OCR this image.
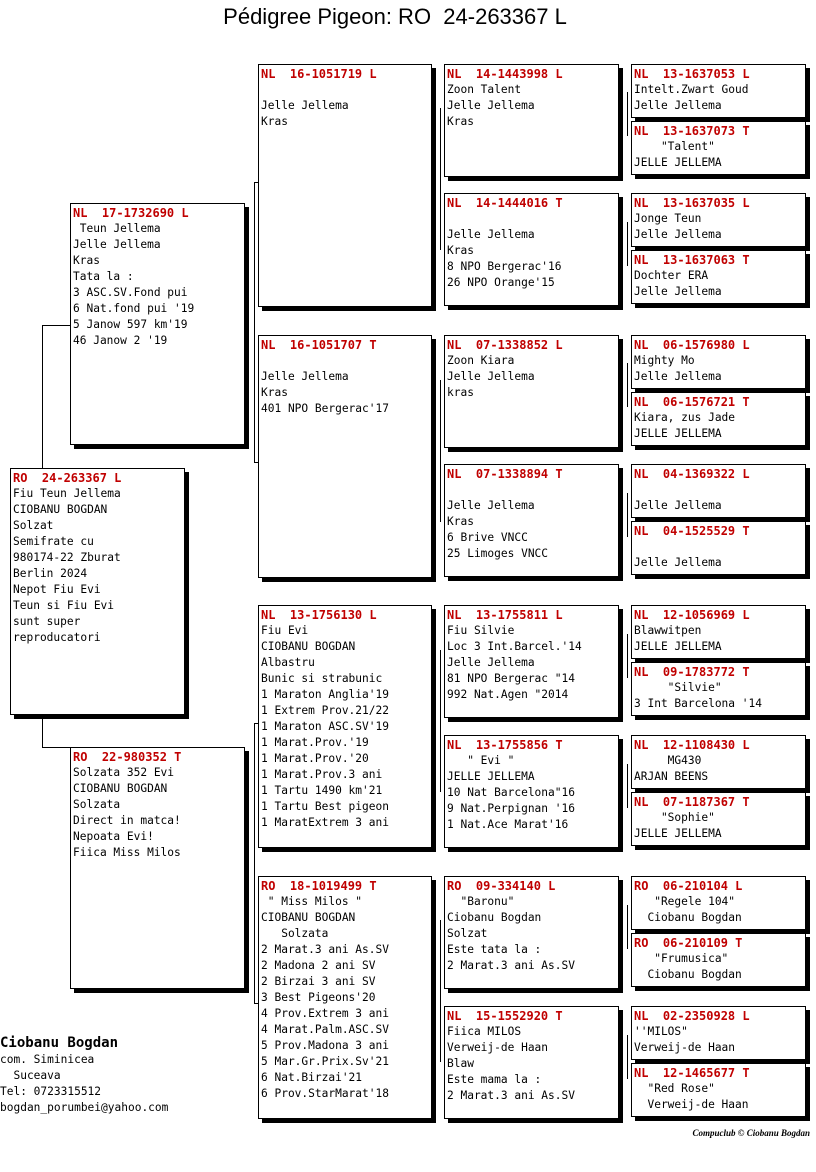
Pédigree Pigeon: RO  24-263367 L
RO  24-263367 L
Fiu Teun Jellema
CIOBANU BOGDAN
Solzat
Semifrate cu
980174-22 Zburat
Berlin 2024
Nepot Fiu Evi
Teun si Fiu Evi
sunt super
reproducatori
NL  17-1732690 L
Teun Jellema
Jelle Jellema
Kras
Tata la :
3 ASC.SV.Fond pui
6 Nat.fond pui '19
5 Janow 597 km'19
46 Janow 2 '19
RO  22-980352 T
Solzata 352 Evi
CIOBANU BOGDAN
Solzata
Direct in matca!
Nepoata Evi!
Fiica Miss Milos
NL  16-1051719 L

Jelle Jellema
Kras
NL  16-1051707 T

Jelle Jellema
Kras
401 NPO Bergerac'17
NL  13-1756130 L
Fiu Evi
CIOBANU BOGDAN
Albastru
Bunic si strabunic
1 Maraton Anglia'19
1 Extrem Prov.21/22
1 Maraton ASC.SV'19
1 Marat.Prov.'19
1 Marat.Prov.'20
1 Marat.Prov.3 ani
1 Tartu 1490 km'21
1 Tartu Best pigeon
1 MaratExtrem 3 ani
RO  18-1019499 T
" Miss Milos "
CIOBANU BOGDAN
Solzata
2 Marat.3 ani As.SV
2 Madona 2 ani SV
2 Birzai 3 ani SV
3 Best Pigeons'20
4 Prov.Extrem 3 ani
4 Marat.Palm.ASC.SV
5 Prov.Madona 3 ani
5 Mar.Gr.Prix.Sv'21
6 Nat.Birzai'21
6 Prov.StarMarat'18
NL  14-1443998 L
Zoon Talent
Jelle Jellema
Kras
NL  14-1444016 T

Jelle Jellema
Kras
8 NPO Bergerac'16
26 NPO Orange'15
NL  07-1338852 L
Zoon Kiara
Jelle Jellema
kras
NL  07-1338894 T

Jelle Jellema
Kras
6 Brive VNCC
25 Limoges VNCC
NL  13-1755811 L
Fiu Silvie
Loc 3 Int.Barcel.'14
Jelle Jellema
81 NPO Bergerac "14
992 Nat.Agen "2014
NL  13-1755856 T
" Evi "
JELLE JELLEMA
10 Nat Barcelona"16
9 Nat.Perpignan '16
1 Nat.Ace Marat'16
RO  09-334140 L
"Baronu"
Ciobanu Bogdan
Solzat
Este tata la :
2 Marat.3 ani As.SV
NL  15-1552920 T
Fiica MILOS
Verweij-de Haan
Blaw
Este mama la :
2 Marat.3 ani As.SV
NL  13-1637053 L
Intelt.Zwart Goud
Jelle Jellema
NL  13-1637073 T
"Talent"
JELLE JELLEMA
NL  13-1637035 L
Jonge Teun
Jelle Jellema
NL  13-1637063 T
Dochter ERA
Jelle Jellema
NL  06-1576980 L
Mighty Mo
Jelle Jellema
NL  06-1576721 T
Kiara, zus Jade
JELLE JELLEMA
NL  04-1369322 L

Jelle Jellema
NL  04-1525529 T

Jelle Jellema
NL  12-1056969 L
Blawwitpen
JELLE JELLEMA
NL  09-1783772 T
"Silvie"
3 Int Barcelona '14
NL  12-1108430 L
MG430
ARJAN BEENS
NL  07-1187367 T
"Sophie"
JELLE JELLEMA
RO  06-210104 L
"Regele 104"
Ciobanu Bogdan
RO  06-210109 T
"Frumusica"
Ciobanu Bogdan
NL  02-2350928 L
''MILOS"
Verweij-de Haan
NL  12-1465677 T
"Red Rose"
Verweij-de Haan
Ciobanu Bogdan
com. Siminicea
Suceava
Tel: 0723315512
bogdan_porumbei@yahoo.com
Compuclub © Ciobanu Bogdan
